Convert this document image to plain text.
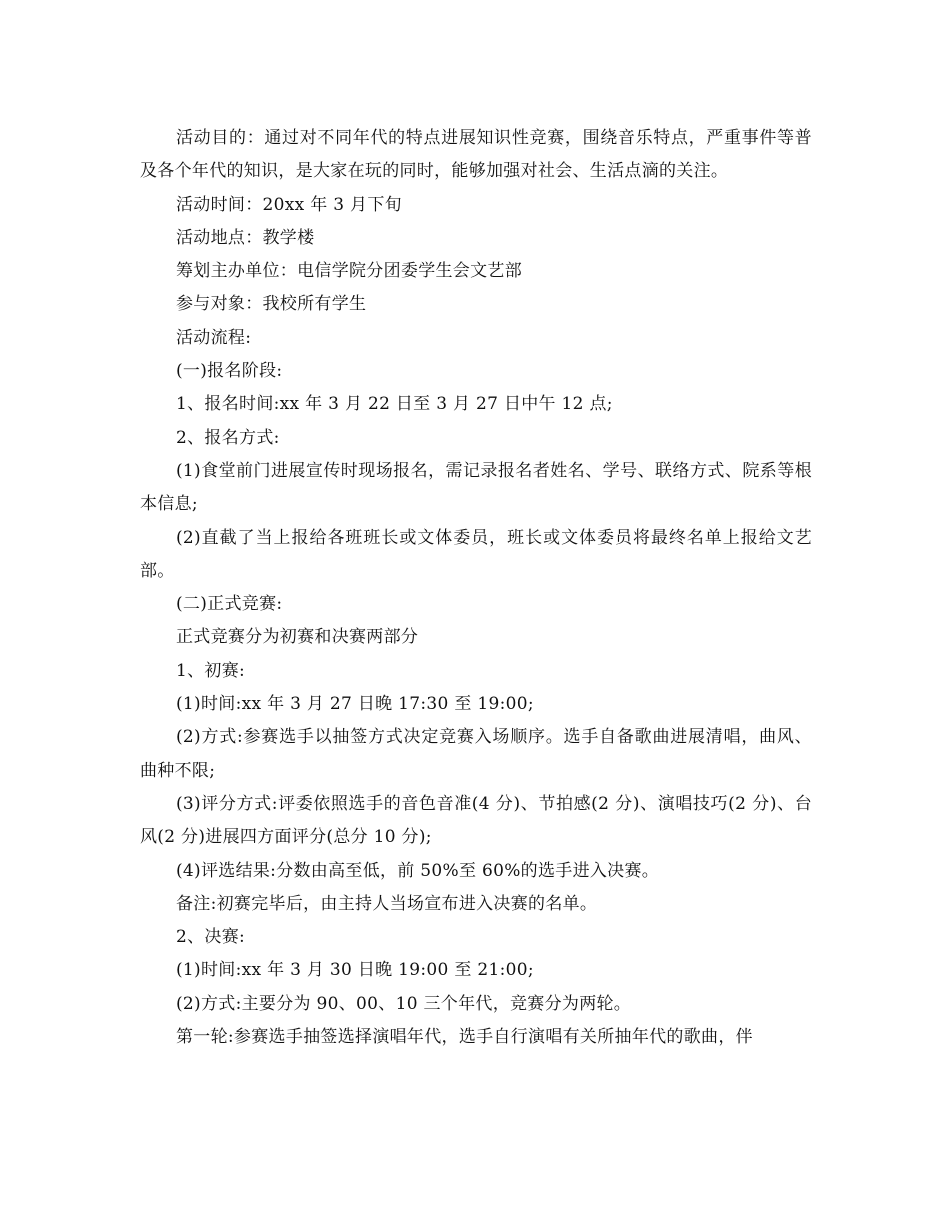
活动目的：通过对不同年代的特点进展知识性竞赛，围绕音乐特点，严重事件等普及各个年代的知识，是大家在玩的同时，能够加强对社会、生活点滴的关注。

活动时间：20xx 年 3 月下旬

活动地点：教学楼

筹划主办单位：电信学院分团委学生会文艺部

参与对象：我校所有学生

活动流程:

(一)报名阶段:

1、报名时间:xx 年 3 月 22 日至 3 月 27 日中午 12 点;

2、报名方式:

(1)食堂前门进展宣传时现场报名，需记录报名者姓名、学号、联络方式、院系等根本信息;

(2)直截了当上报给各班班长或文体委员，班长或文体委员将最终名单上报给文艺部。

(二)正式竞赛:

正式竞赛分为初赛和决赛两部分

1、初赛:

(1)时间:xx 年 3 月 27 日晚 17:30 至 19:00;

(2)方式:参赛选手以抽签方式决定竞赛入场顺序。选手自备歌曲进展清唱，曲风、曲种不限;

(3)评分方式:评委依照选手的音色音准(4 分)、节拍感(2 分)、演唱技巧(2 分)、台风(2 分)进展四方面评分(总分 10 分);

(4)评选结果:分数由高至低，前 50%至 60%的选手进入决赛。

备注:初赛完毕后，由主持人当场宣布进入决赛的名单。

2、决赛:

(1)时间:xx 年 3 月 30 日晚 19:00 至 21:00;

(2)方式:主要分为 90、00、10 三个年代，竞赛分为两轮。

第一轮:参赛选手抽签选择演唱年代，选手自行演唱有关所抽年代的歌曲，伴
